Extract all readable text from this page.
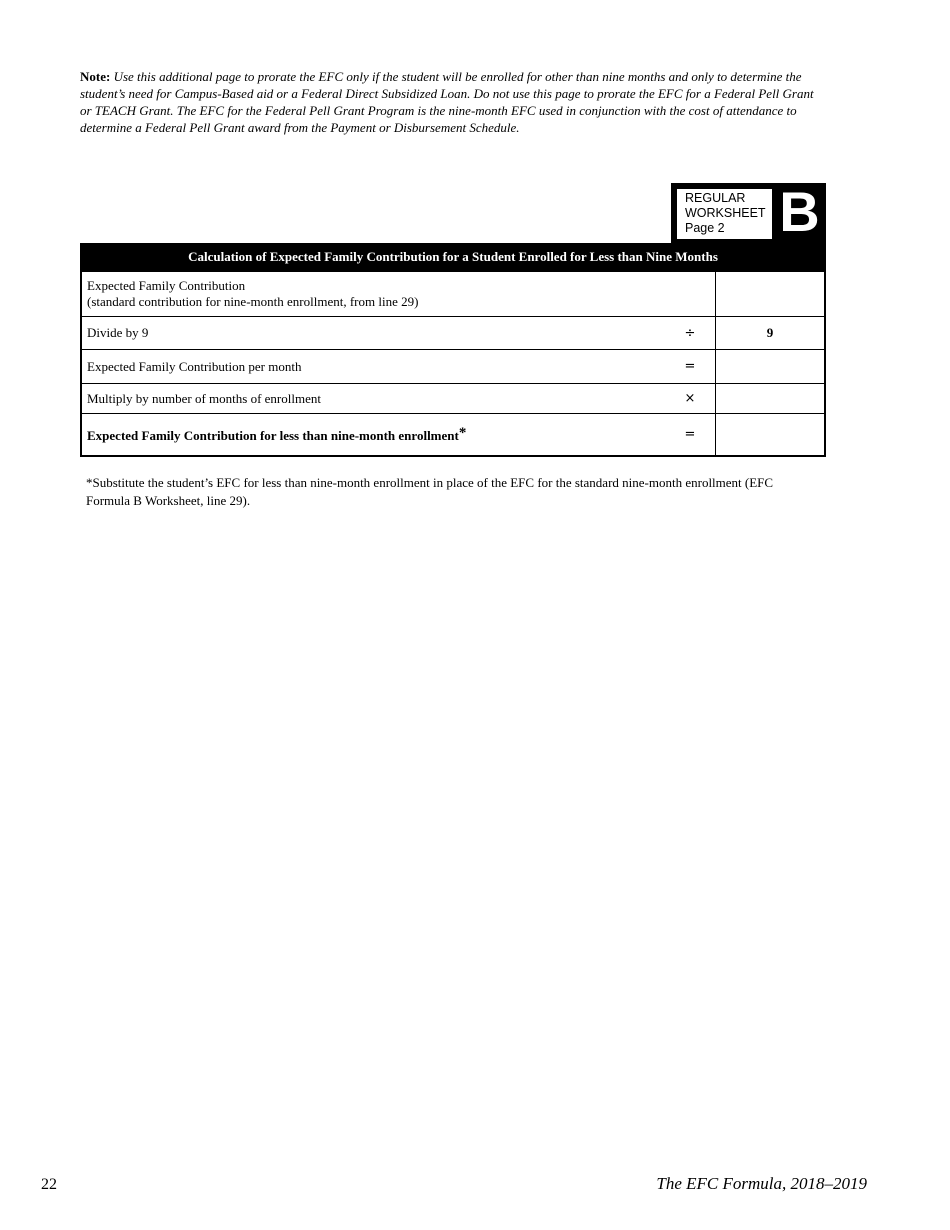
Note: Use this additional page to prorate the EFC only if the student will be enrolled for other than nine months and only to determine the student’s need for Campus-Based aid or a Federal Direct Subsidized Loan. Do not use this page to prorate the EFC for a Federal Pell Grant or TEACH Grant. The EFC for the Federal Pell Grant Program is the nine-month EFC used in conjunction with the cost of attendance to determine a Federal Pell Grant award from the Payment or Disbursement Schedule.
REGULAR
WORKSHEET
Page 2 B
Calculation of Expected Family Contribution for a Student Enrolled for Less than Nine Months
Expected Family Contribution
(standard contribution for nine-month enrollment, from line 29)
Divide by 9	÷	9
Expected Family Contribution per month	=
Multiply by number of months of enrollment	×
Expected Family Contribution for less than nine-month enrollment*	=
*Substitute the student’s EFC for less than nine-month enrollment in place of the EFC for the standard nine-month enrollment (EFC Formula B Worksheet, line 29).
22	The EFC Formula, 2018–2019
